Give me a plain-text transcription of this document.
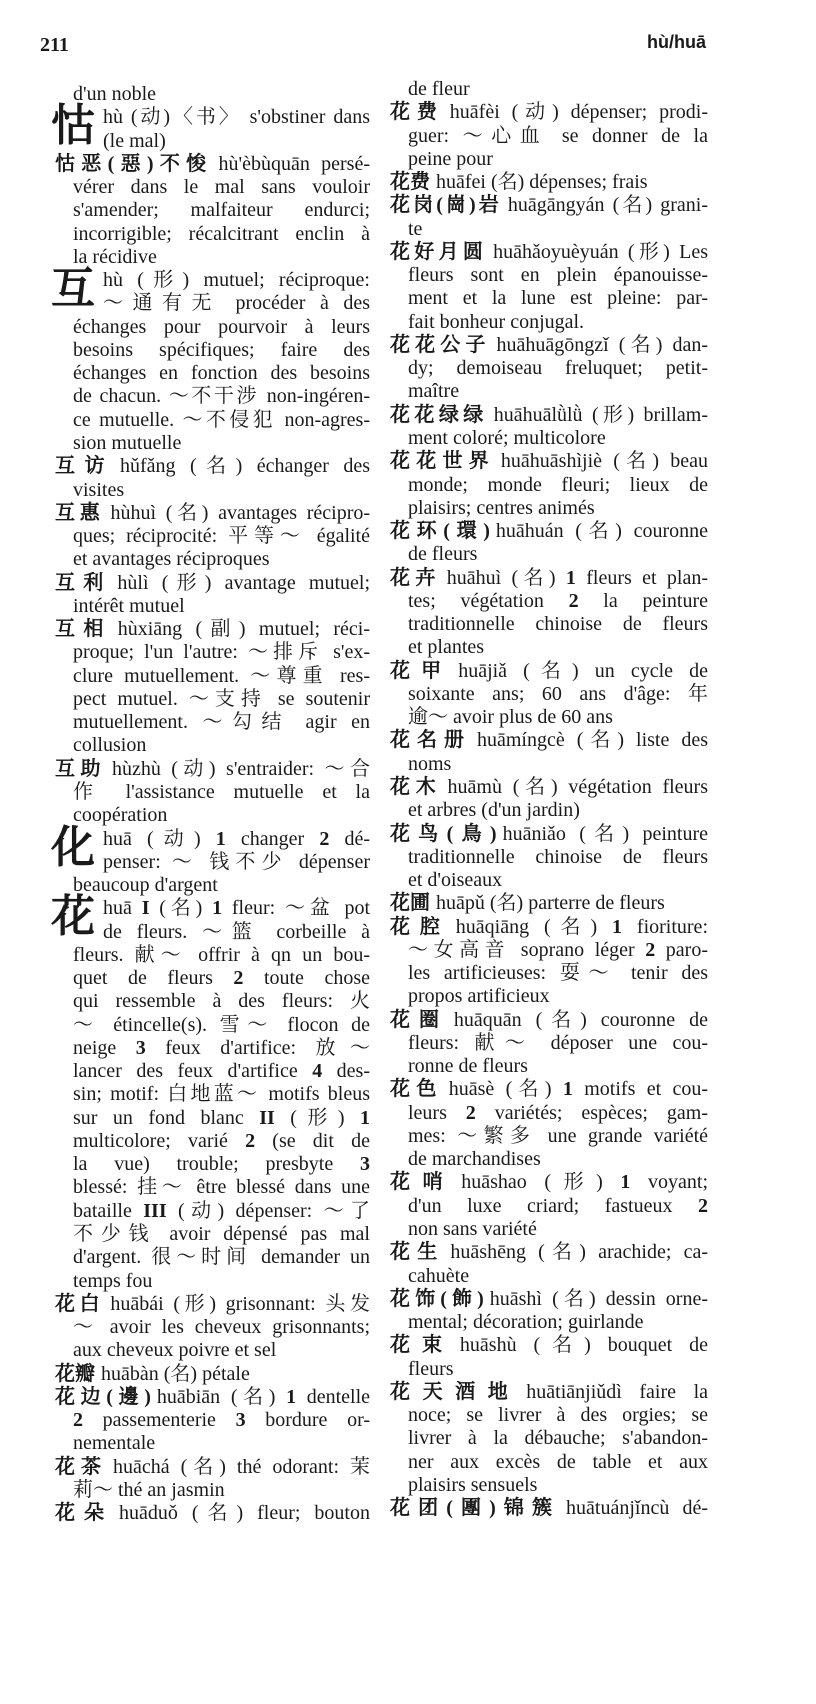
211	hù/huā
d'un noble
怙 hù (动)〈书〉 s'obstiner dans
(le mal)
怙恶(惡)不悛 hù'èbùquān persé-
vérer dans le mal sans vouloir
s'amender; malfaiteur endurci;
incorrigible; récalcitrant enclin à
la récidive
互 hù (形) mutuel; réciproque:
～通有无 procéder à des
échanges pour pourvoir à leurs
besoins spécifiques; faire des
échanges en fonction des besoins
de chacun. ～不干涉 non-ingéren-
ce mutuelle. ～不侵犯 non-agres-
sion mutuelle
互访 hǔfǎng (名) échanger des
visites
互惠 hùhuì (名) avantages récipro-
ques; réciprocité: 平等～ égalité
et avantages réciproques
互利 hùlì (形) avantage mutuel;
intérêt mutuel
互相 hùxiāng (副) mutuel; réci-
proque; l'un l'autre: ～排斥 s'ex-
clure mutuellement. ～尊重 res-
pect mutuel. ～支持 se soutenir
mutuellement. ～勾结 agir en
collusion
互助 hùzhù (动) s'entraider: ～合
作 l'assistance mutuelle et la
coopération
化 huā (动) 1 changer 2 dé-
penser: ～ 钱不少 dépenser
beaucoup d'argent
花 huā I (名) 1 fleur: ～盆 pot
de fleurs. ～篮 corbeille à
fleurs. 献～ offrir à qn un bou-
quet de fleurs 2 toute chose
qui ressemble à des fleurs: 火
～ étincelle(s). 雪～ flocon de
neige 3 feux d'artifice: 放～
lancer des feux d'artifice 4 des-
sin; motif: 白地蓝～ motifs bleus
sur un fond blanc II (形) 1
multicolore; varié 2 (se dit de
la vue) trouble; presbyte 3
blessé: 挂～ être blessé dans une
bataille III (动) dépenser: ～了
不少钱 avoir dépensé pas mal
d'argent. 很～时间 demander un
temps fou
花白 huābái (形) grisonnant: 头发
～ avoir les cheveux grisonnants;
aux cheveux poivre et sel
花瓣 huābàn (名) pétale
花边(邊) huābiān (名) 1 dentelle
2 passementerie 3 bordure or-
nementale
花茶 huāchá (名) thé odorant: 茉
莉～ thé an jasmin
花朵 huāduǒ (名) fleur; bouton
de fleur
花费 huāfèi (动) dépenser; prodi-
guer: ～心血 se donner de la
peine pour
花费 huāfei (名) dépenses; frais
花岗(崗)岩 huāgāngyán (名) grani-
te
花好月圆 huāhǎoyuèyuán (形) Les
fleurs sont en plein épanouisse-
ment et la lune est pleine: par-
fait bonheur conjugal.
花花公子 huāhuāgōngzǐ (名) dan-
dy; demoiseau freluquet; petit-
maître
花花绿绿 huāhuālǜlǜ (形) brillam-
ment coloré; multicolore
花花世界 huāhuāshìjiè (名) beau
monde; monde fleuri; lieux de
plaisirs; centres animés
花环(環) huāhuán (名) couronne
de fleurs
花卉 huāhuì (名) 1 fleurs et plan-
tes; végétation 2 la peinture
traditionnelle chinoise de fleurs
et plantes
花甲 huājiǎ (名) un cycle de
soixante ans; 60 ans d'âge: 年
逾～ avoir plus de 60 ans
花名册 huāmíngcè (名) liste des
noms
花木 huāmù (名) végétation fleurs
et arbres (d'un jardin)
花鸟(鳥) huāniǎo (名) peinture
traditionnelle chinoise de fleurs
et d'oiseaux
花圃 huāpǔ (名) parterre de fleurs
花腔 huāqiāng (名) 1 fioriture:
～女高音 soprano léger 2 paro-
les artificieuses: 耍～ tenir des
propos artificieux
花圈 huāquān (名) couronne de
fleurs: 献～ déposer une cou-
ronne de fleurs
花色 huāsè (名) 1 motifs et cou-
leurs 2 variétés; espèces; gam-
mes: ～繁多 une grande variété
de marchandises
花哨 huāshao (形) 1 voyant;
d'un luxe criard; fastueux 2
non sans variété
花生 huāshēng (名) arachide; ca-
cahuète
花饰(飾) huāshì (名) dessin orne-
mental; décoration; guirlande
花束 huāshù (名) bouquet de
fleurs
花天酒地 huātiānjiǔdì faire la
noce; se livrer à des orgies; se
livrer à la débauche; s'abandon-
ner aux excès de table et aux
plaisirs sensuels
花团(團)锦簇 huātuánjǐncù dé-
